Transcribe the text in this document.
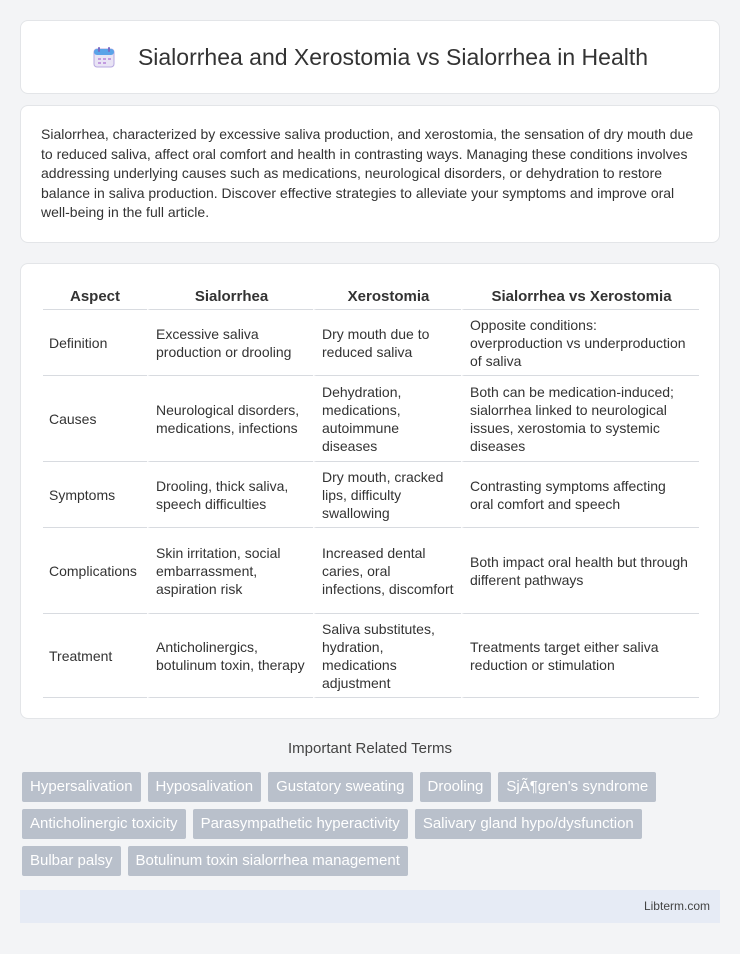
Sialorrhea and Xerostomia vs Sialorrhea in Health

Sialorrhea, characterized by excessive saliva production, and xerostomia, the sensation of dry mouth due to reduced saliva, affect oral comfort and health in contrasting ways. Managing these conditions involves addressing underlying causes such as medications, neurological disorders, or dehydration to restore balance in saliva production. Discover effective strategies to alleviate your symptoms and improve oral well-being in the full article.

Aspect	Sialorrhea	Xerostomia	Sialorrhea vs Xerostomia
Definition	Excessive saliva production or drooling	Dry mouth due to reduced saliva	Opposite conditions: overproduction vs underproduction of saliva
Causes	Neurological disorders, medications, infections	Dehydration, medications, autoimmune diseases	Both can be medication-induced; sialorrhea linked to neurological issues, xerostomia to systemic diseases
Symptoms	Drooling, thick saliva, speech difficulties	Dry mouth, cracked lips, difficulty swallowing	Contrasting symptoms affecting oral comfort and speech
Complications	Skin irritation, social embarrassment, aspiration risk	Increased dental caries, oral infections, discomfort	Both impact oral health but through different pathways
Treatment	Anticholinergics, botulinum toxin, therapy	Saliva substitutes, hydration, medications adjustment	Treatments target either saliva reduction or stimulation
Important Related Terms
Hypersalivation	Hyposalivation	Gustatory sweating	Drooling	SjÃ¶gren's syndrome
Anticholinergic toxicity	Parasympathetic hyperactivity	Salivary gland hypo/dysfunction
Bulbar palsy	Botulinum toxin sialorrhea management
Libterm.com
